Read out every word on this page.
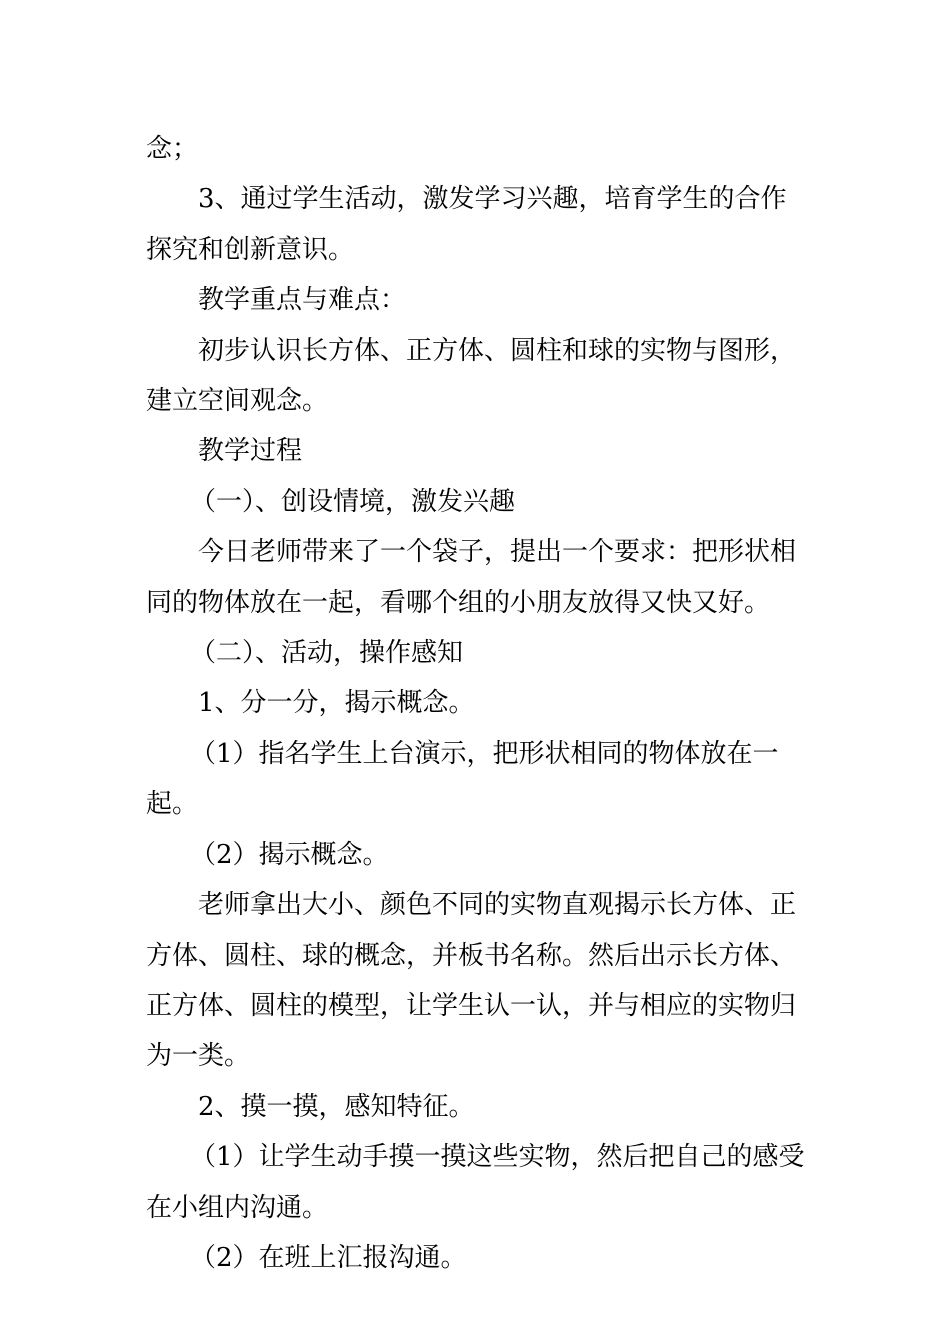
念；

3、通过学生活动，激发学习兴趣，培育学生的合作探究和创新意识。

教学重点与难点：

初步认识长方体、正方体、圆柱和球的实物与图形，建立空间观念。

教学过程

（一）、创设情境，激发兴趣

今日老师带来了一个袋子，提出一个要求：把形状相同的物体放在一起，看哪个组的小朋友放得又快又好。

（二）、活动，操作感知

1、分一分，揭示概念。

（1）指名学生上台演示，把形状相同的物体放在一起。

（2）揭示概念。

老师拿出大小、颜色不同的实物直观揭示长方体、正方体、圆柱、球的概念，并板书名称。然后出示长方体、正方体、圆柱的模型，让学生认一认，并与相应的实物归为一类。

2、摸一摸，感知特征。

（1）让学生动手摸一摸这些实物，然后把自己的感受在小组内沟通。

（2）在班上汇报沟通。
